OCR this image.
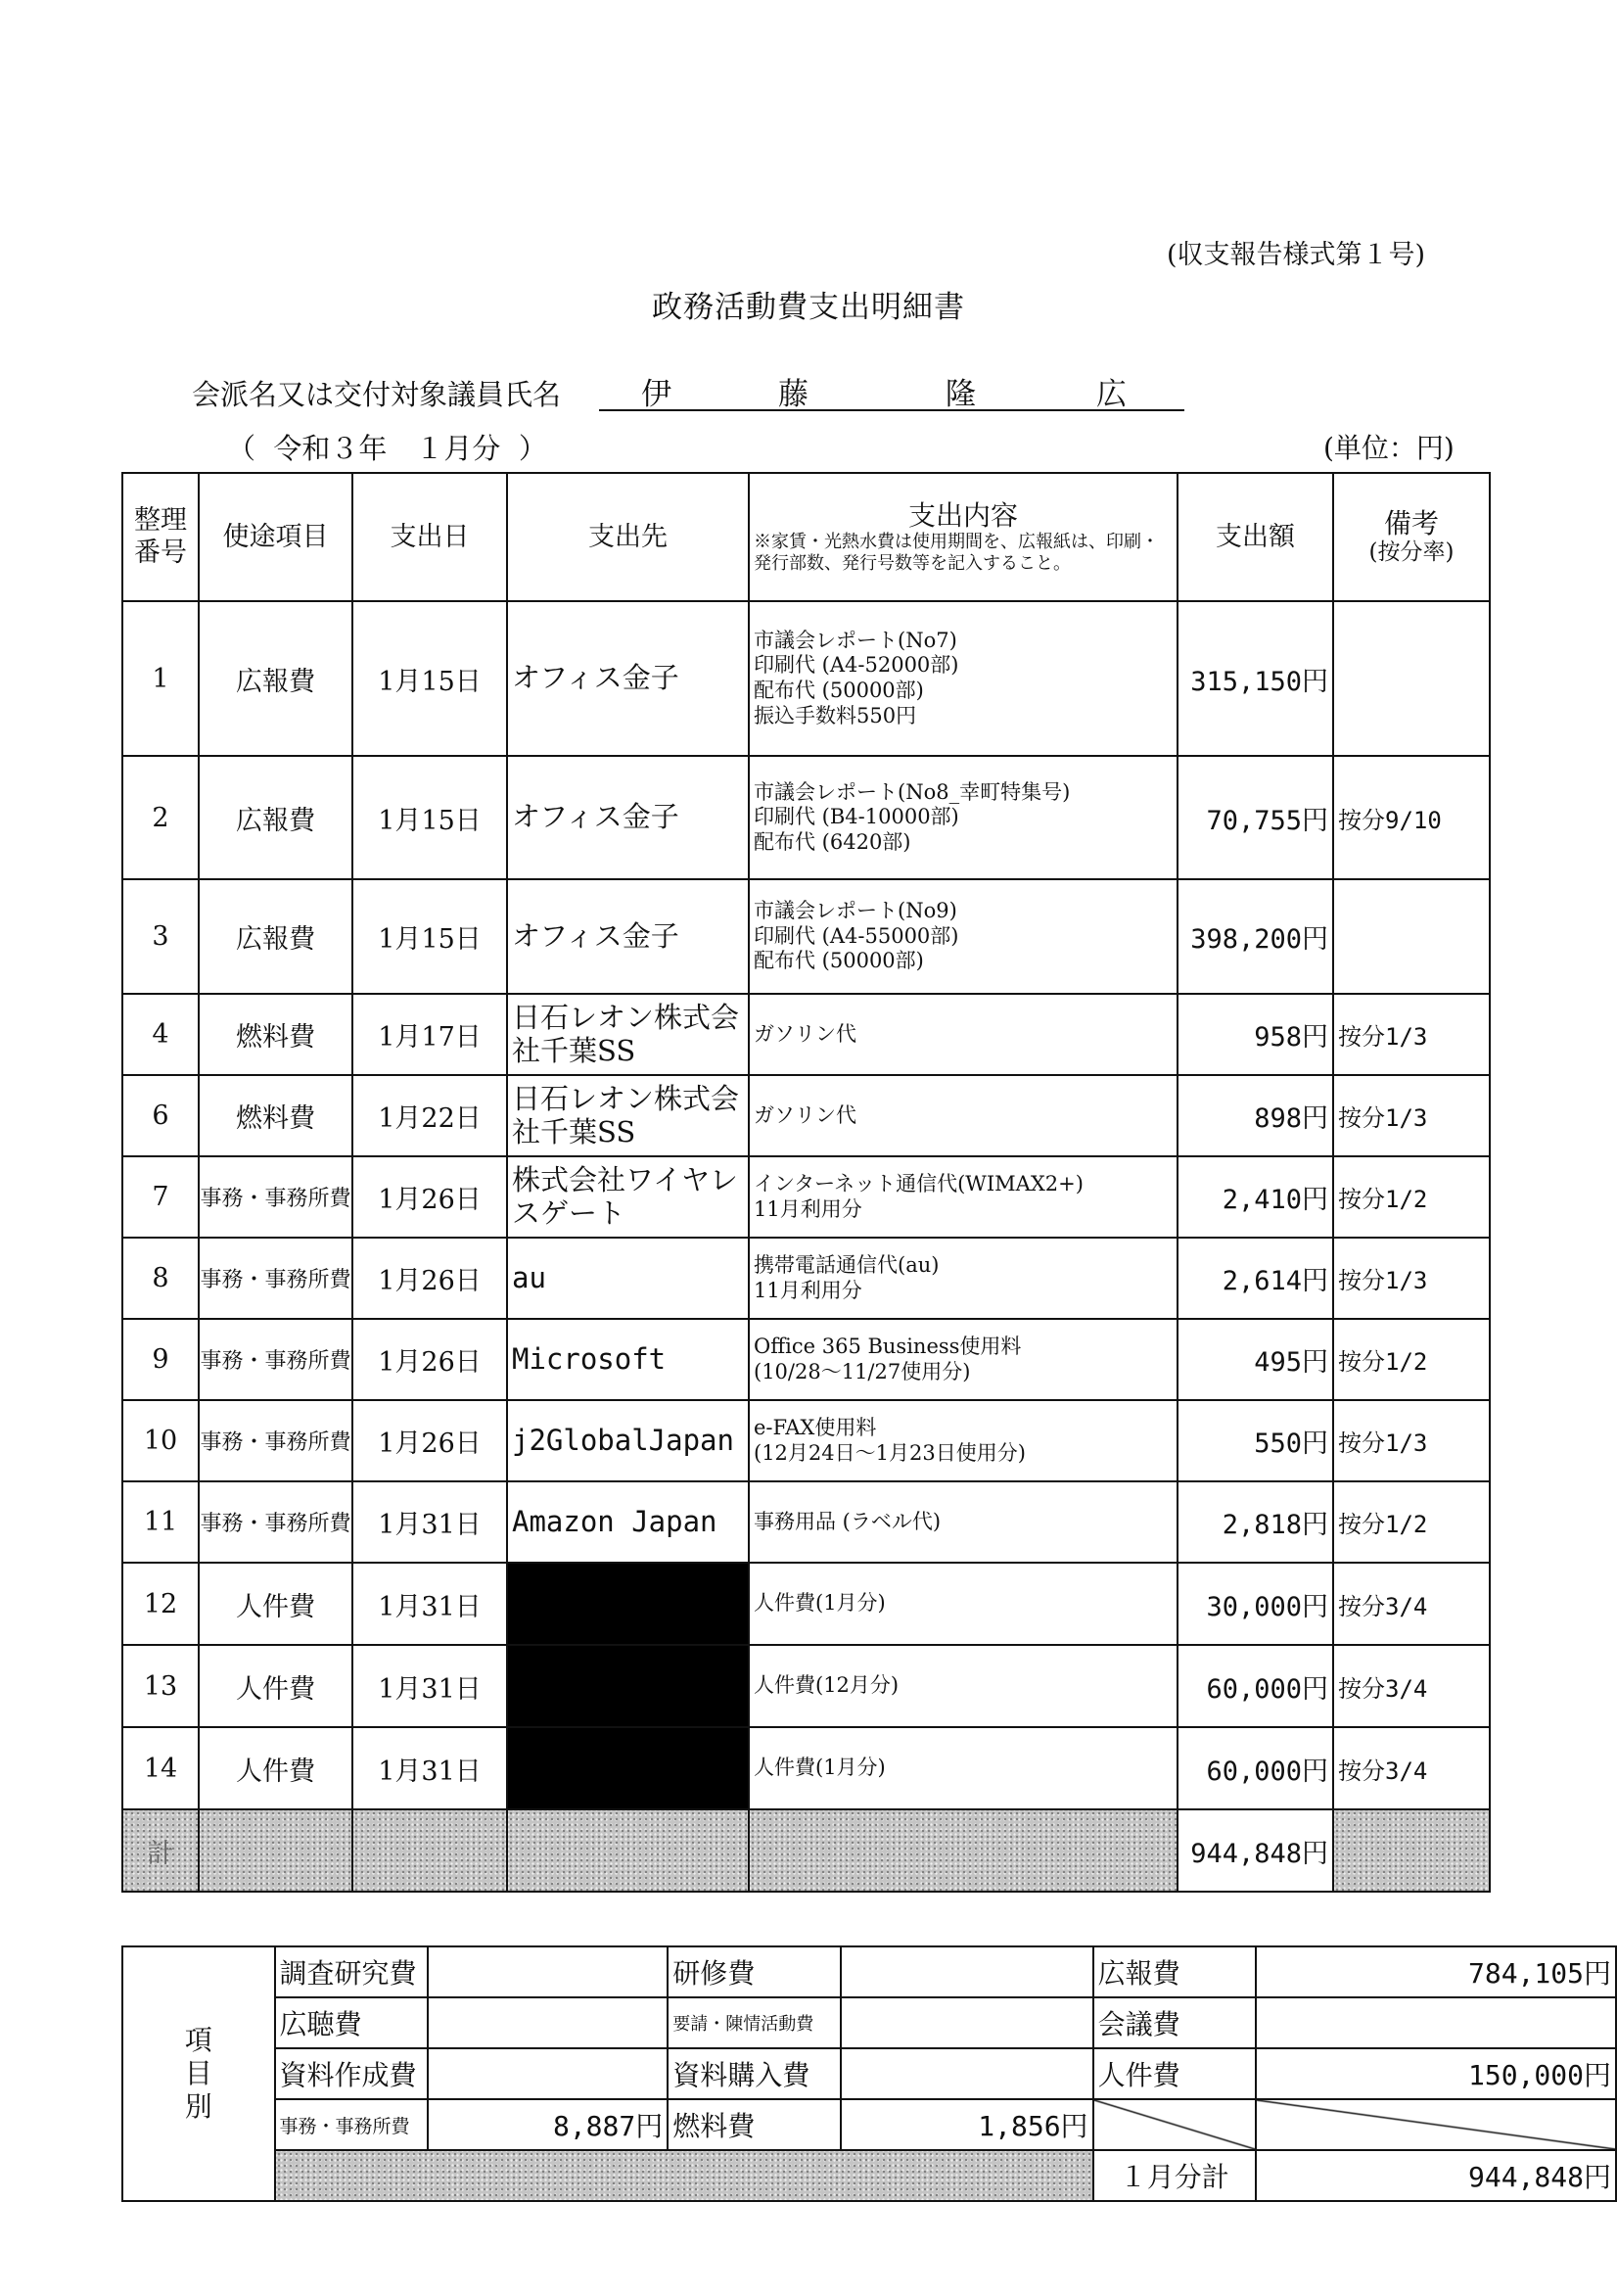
(収支報告様式第１号)
政務活動費支出明細書
会派名又は交付対象議員氏名	伊	藤	隆	広
（  令和３年　１月分  ）	(単位：円)
整理番号	使途項目	支出日	支出先	支出内容
※家賃・光熱水費は使用期間を、広報紙は、印刷・発行部数、発行号数等を記入すること。	支出額	備考
(按分率)

1	広報費	1月15日	オフィス金子	市議会レポート(No7)
印刷代 (A4-52000部)
配布代 (50000部)
振込手数料550円	315,150円	
2	広報費	1月15日	オフィス金子	市議会レポート(No8_幸町特集号)
印刷代 (B4-10000部)
配布代 (6420部)	70,755円	按分9/10
3	広報費	1月15日	オフィス金子	市議会レポート(No9)
印刷代 (A4-55000部)
配布代 (50000部)	398,200円	
4	燃料費	1月17日	日石レオン株式会社千葉SS	ガソリン代	958円	按分1/3
6	燃料費	1月22日	日石レオン株式会社千葉SS	ガソリン代	898円	按分1/3
7	事務・事務所費	1月26日	株式会社ワイヤレスゲート	インターネット通信代(WIMAX2+)
11月利用分	2,410円	按分1/2
8	事務・事務所費	1月26日	au	携帯電話通信代(au)
11月利用分	2,614円	按分1/3
9	事務・事務所費	1月26日	Microsoft	Office 365 Business使用料
(10/28～11/27使用分)	495円	按分1/2
10	事務・事務所費	1月26日	j2GlobalJapan	e-FAX使用料
(12月24日～1月23日使用分)	550円	按分1/3
11	事務・事務所費	1月31日	Amazon Japan	事務用品 (ラベル代)	2,818円	按分1/2
12	人件費	1月31日		人件費(1月分)	30,000円	按分3/4
13	人件費	1月31日		人件費(12月分)	60,000円	按分3/4
14	人件費	1月31日		人件費(1月分)	60,000円	按分3/4
計					944,848円	
項
目
別	調査研究費		研修費		広報費	784,105円
	広聴費		要請・陳情活動費		会議費	
	資料作成費		資料購入費		人件費	150,000円
	事務・事務所費	8,887円	燃料費	1,856円		
					１月分計	944,848円
